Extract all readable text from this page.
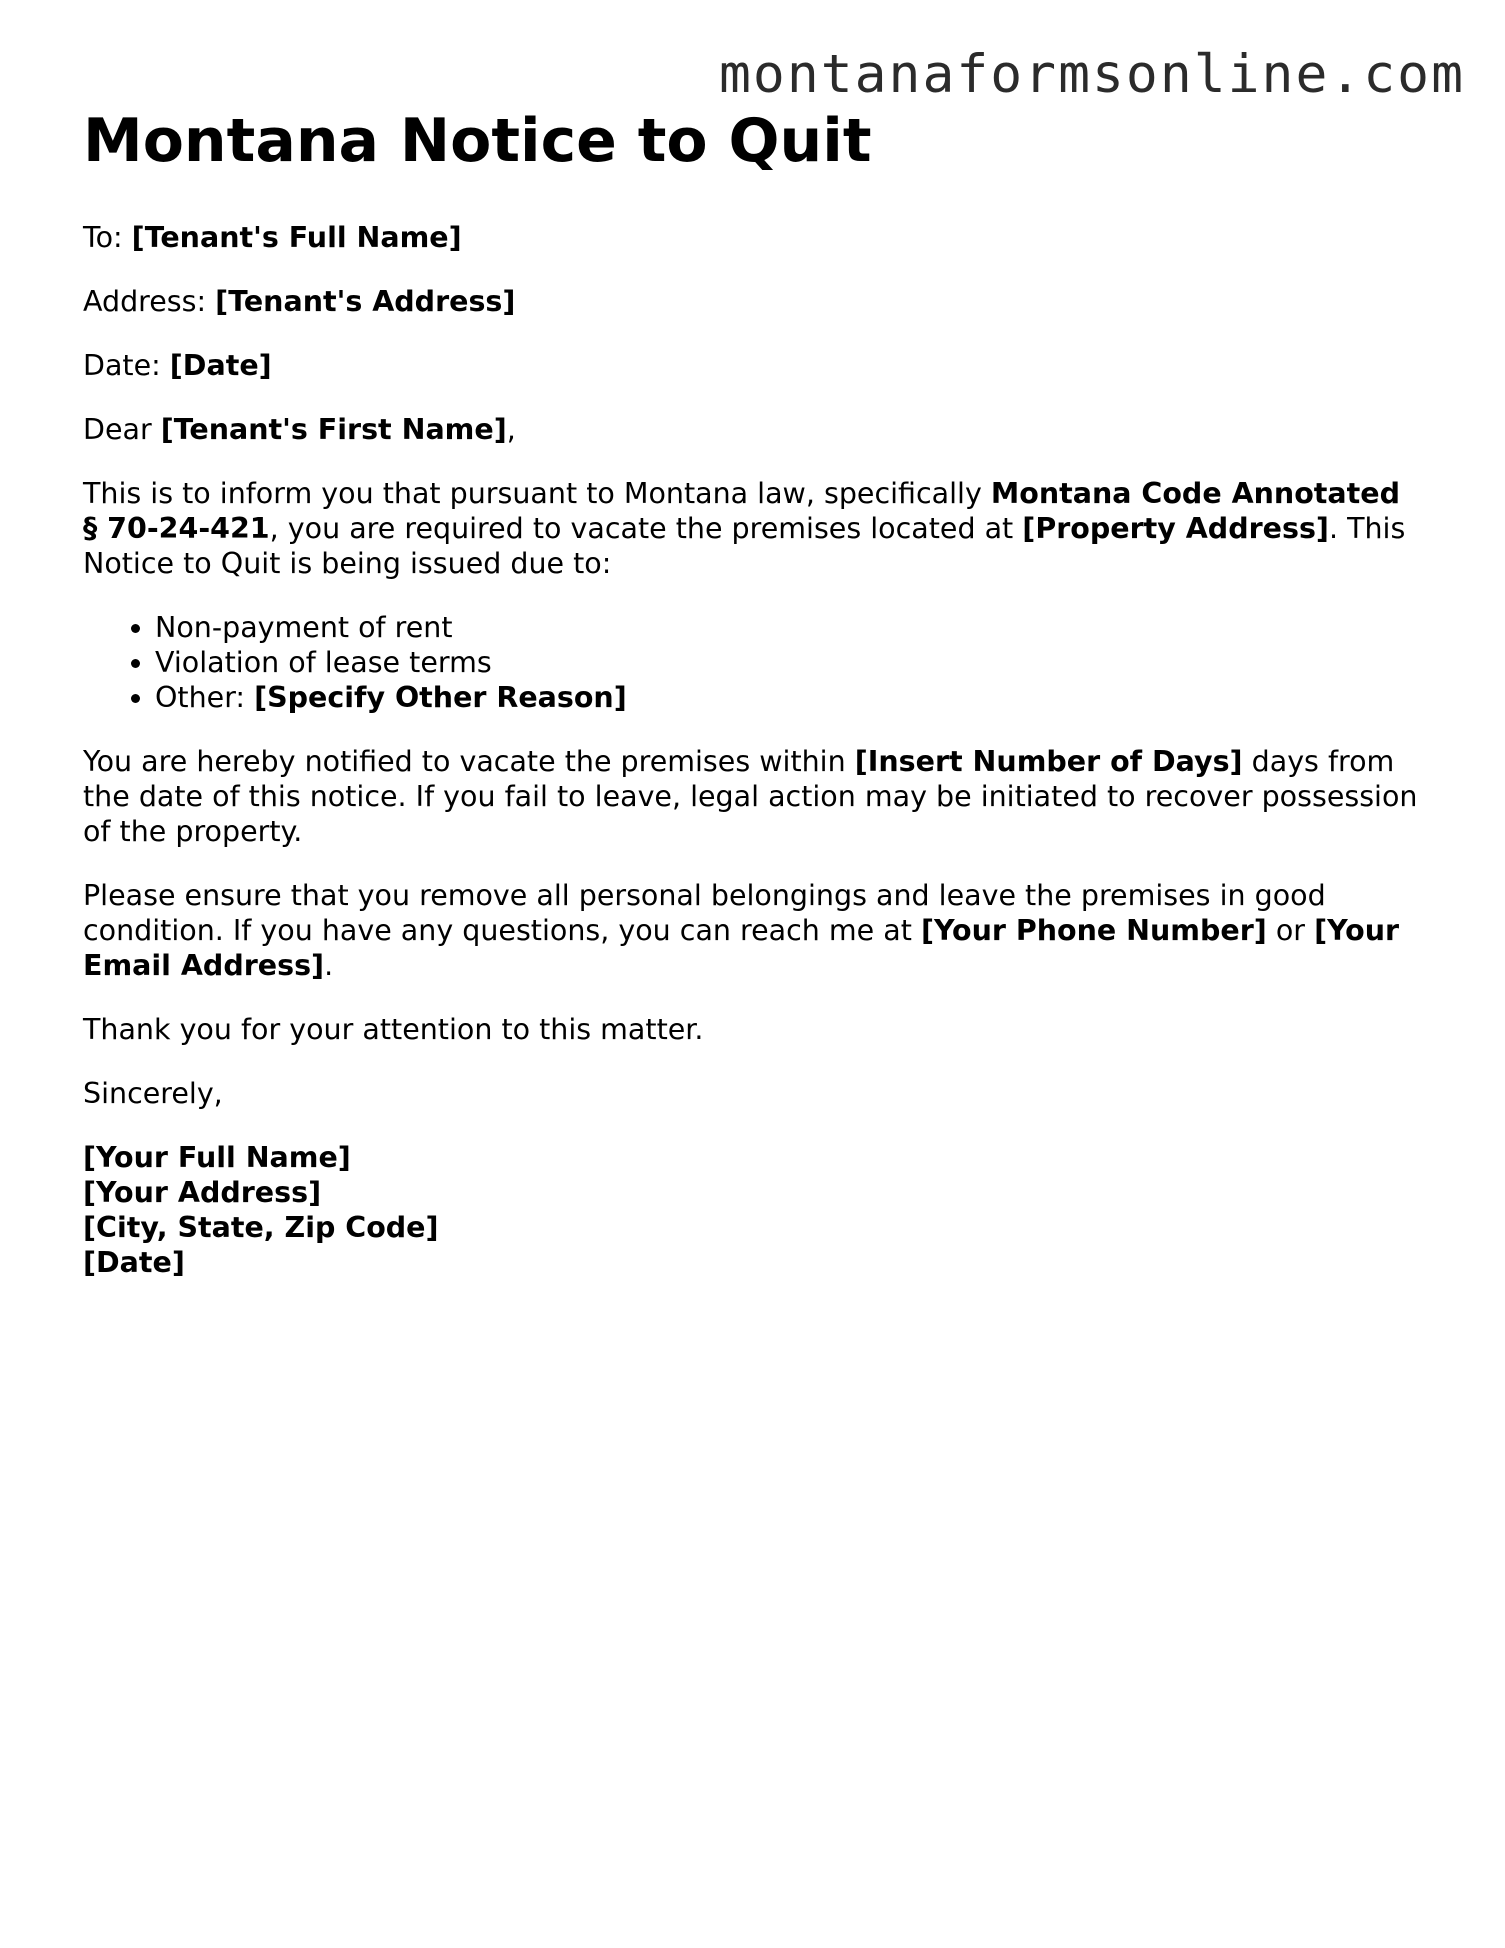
montanaformsonline.com
Montana Notice to Quit

To: [Tenant's Full Name]

Address: [Tenant's Address]

Date: [Date]

Dear [Tenant's First Name],

This is to inform you that pursuant to Montana law, specifically Montana Code Annotated § 70-24-421, you are required to vacate the premises located at [Property Address]. This Notice to Quit is being issued due to:

• Non-payment of rent
• Violation of lease terms
• Other: [Specify Other Reason]

You are hereby notified to vacate the premises within [Insert Number of Days] days from the date of this notice. If you fail to leave, legal action may be initiated to recover possession of the property.

Please ensure that you remove all personal belongings and leave the premises in good condition. If you have any questions, you can reach me at [Your Phone Number] or [Your Email Address].

Thank you for your attention to this matter.

Sincerely,

[Your Full Name]
[Your Address]
[City, State, Zip Code]
[Date]
